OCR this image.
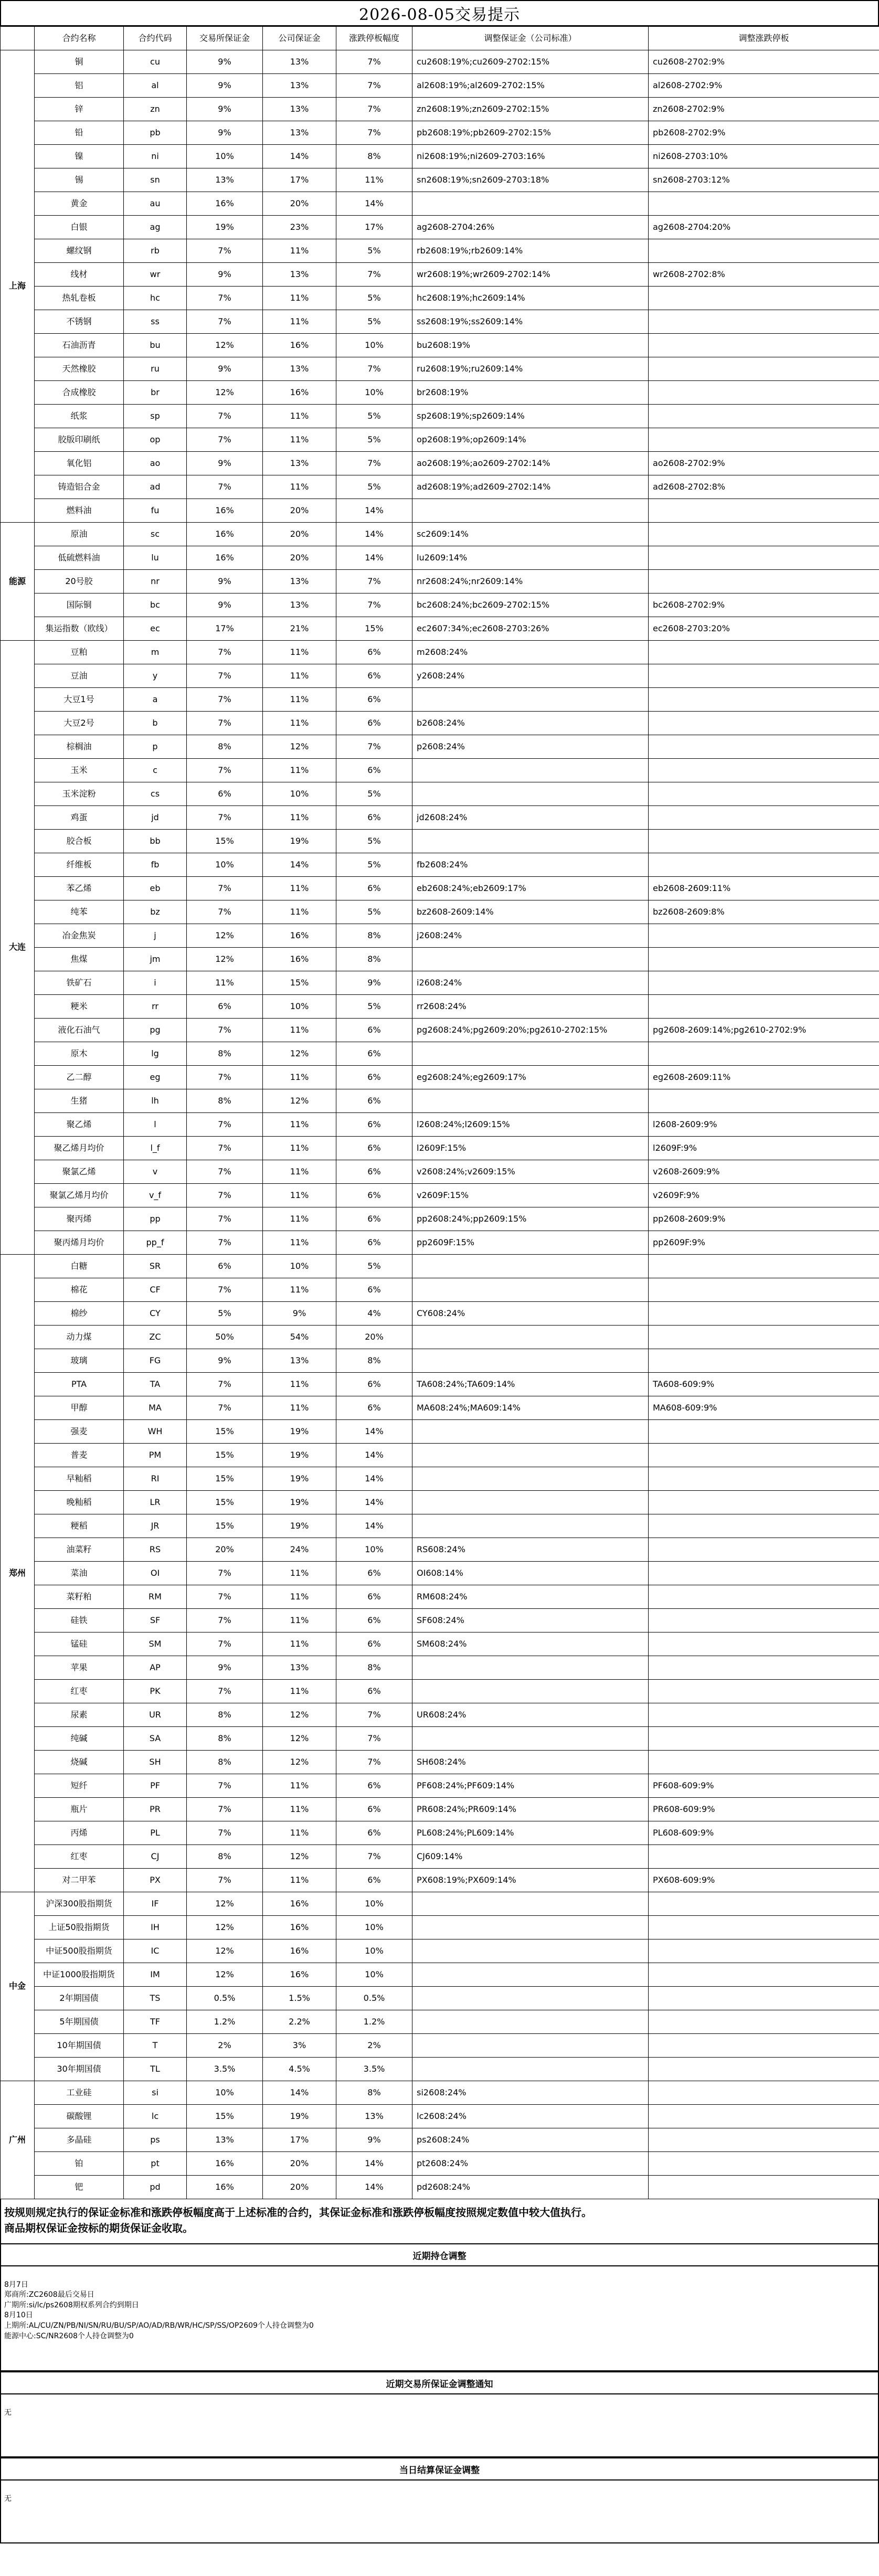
2026-08-05交易提示
	合约名称	合约代码	交易所保证金	公司保证金	涨跌停板幅度	调整保证金（公司标准）	调整涨跌停板
上海	铜	cu	9%	13%	7%	cu2608:19%;cu2609-2702:15%	cu2608-2702:9%
	铝	al	9%	13%	7%	al2608:19%;al2609-2702:15%	al2608-2702:9%
	锌	zn	9%	13%	7%	zn2608:19%;zn2609-2702:15%	zn2608-2702:9%
	铅	pb	9%	13%	7%	pb2608:19%;pb2609-2702:15%	pb2608-2702:9%
	镍	ni	10%	14%	8%	ni2608:19%;ni2609-2703:16%	ni2608-2703:10%
	锡	sn	13%	17%	11%	sn2608:19%;sn2609-2703:18%	sn2608-2703:12%
	黄金	au	16%	20%	14%		
	白银	ag	19%	23%	17%	ag2608-2704:26%	ag2608-2704:20%
	螺纹钢	rb	7%	11%	5%	rb2608:19%;rb2609:14%	
	线材	wr	9%	13%	7%	wr2608:19%;wr2609-2702:14%	wr2608-2702:8%
	热轧卷板	hc	7%	11%	5%	hc2608:19%;hc2609:14%	
	不锈钢	ss	7%	11%	5%	ss2608:19%;ss2609:14%	
	石油沥青	bu	12%	16%	10%	bu2608:19%	
	天然橡胶	ru	9%	13%	7%	ru2608:19%;ru2609:14%	
	合成橡胶	br	12%	16%	10%	br2608:19%	
	纸浆	sp	7%	11%	5%	sp2608:19%;sp2609:14%	
	胶版印刷纸	op	7%	11%	5%	op2608:19%;op2609:14%	
	氧化铝	ao	9%	13%	7%	ao2608:19%;ao2609-2702:14%	ao2608-2702:9%
	铸造铝合金	ad	7%	11%	5%	ad2608:19%;ad2609-2702:14%	ad2608-2702:8%
	燃料油	fu	16%	20%	14%		
能源	原油	sc	16%	20%	14%	sc2609:14%	
	低硫燃料油	lu	16%	20%	14%	lu2609:14%	
	20号胶	nr	9%	13%	7%	nr2608:24%;nr2609:14%	
	国际铜	bc	9%	13%	7%	bc2608:24%;bc2609-2702:15%	bc2608-2702:9%
	集运指数（欧线）	ec	17%	21%	15%	ec2607:34%;ec2608-2703:26%	ec2608-2703:20%
大连	豆粕	m	7%	11%	6%	m2608:24%	
	豆油	y	7%	11%	6%	y2608:24%	
	大豆1号	a	7%	11%	6%		
	大豆2号	b	7%	11%	6%	b2608:24%	
	棕榈油	p	8%	12%	7%	p2608:24%	
	玉米	c	7%	11%	6%		
	玉米淀粉	cs	6%	10%	5%		
	鸡蛋	jd	7%	11%	6%	jd2608:24%	
	胶合板	bb	15%	19%	5%		
	纤维板	fb	10%	14%	5%	fb2608:24%	
	苯乙烯	eb	7%	11%	6%	eb2608:24%;eb2609:17%	eb2608-2609:11%
	纯苯	bz	7%	11%	5%	bz2608-2609:14%	bz2608-2609:8%
	冶金焦炭	j	12%	16%	8%	j2608:24%	
	焦煤	jm	12%	16%	8%		
	铁矿石	i	11%	15%	9%	i2608:24%	
	粳米	rr	6%	10%	5%	rr2608:24%	
	液化石油气	pg	7%	11%	6%	pg2608:24%;pg2609:20%;pg2610-2702:15%	pg2608-2609:14%;pg2610-2702:9%
	原木	lg	8%	12%	6%		
	乙二醇	eg	7%	11%	6%	eg2608:24%;eg2609:17%	eg2608-2609:11%
	生猪	lh	8%	12%	6%		
	聚乙烯	l	7%	11%	6%	l2608:24%;l2609:15%	l2608-2609:9%
	聚乙烯月均价	l_f	7%	11%	6%	l2609F:15%	l2609F:9%
	聚氯乙烯	v	7%	11%	6%	v2608:24%;v2609:15%	v2608-2609:9%
	聚氯乙烯月均价	v_f	7%	11%	6%	v2609F:15%	v2609F:9%
	聚丙烯	pp	7%	11%	6%	pp2608:24%;pp2609:15%	pp2608-2609:9%
	聚丙烯月均价	pp_f	7%	11%	6%	pp2609F:15%	pp2609F:9%
郑州	白糖	SR	6%	10%	5%		
	棉花	CF	7%	11%	6%		
	棉纱	CY	5%	9%	4%	CY608:24%	
	动力煤	ZC	50%	54%	20%		
	玻璃	FG	9%	13%	8%		
	PTA	TA	7%	11%	6%	TA608:24%;TA609:14%	TA608-609:9%
	甲醇	MA	7%	11%	6%	MA608:24%;MA609:14%	MA608-609:9%
	强麦	WH	15%	19%	14%		
	普麦	PM	15%	19%	14%		
	早籼稻	RI	15%	19%	14%		
	晚籼稻	LR	15%	19%	14%		
	粳稻	JR	15%	19%	14%		
	油菜籽	RS	20%	24%	10%	RS608:24%	
	菜油	OI	7%	11%	6%	OI608:14%	
	菜籽粕	RM	7%	11%	6%	RM608:24%	
	硅铁	SF	7%	11%	6%	SF608:24%	
	锰硅	SM	7%	11%	6%	SM608:24%	
	苹果	AP	9%	13%	8%		
	红枣	PK	7%	11%	6%		
	尿素	UR	8%	12%	7%	UR608:24%	
	纯碱	SA	8%	12%	7%		
	烧碱	SH	8%	12%	7%	SH608:24%	
	短纤	PF	7%	11%	6%	PF608:24%;PF609:14%	PF608-609:9%
	瓶片	PR	7%	11%	6%	PR608:24%;PR609:14%	PR608-609:9%
	丙烯	PL	7%	11%	6%	PL608:24%;PL609:14%	PL608-609:9%
	红枣	CJ	8%	12%	7%	CJ609:14%	
	对二甲苯	PX	7%	11%	6%	PX608:19%;PX609:14%	PX608-609:9%
中金	沪深300股指期货	IF	12%	16%	10%		
	上证50股指期货	IH	12%	16%	10%		
	中证500股指期货	IC	12%	16%	10%		
	中证1000股指期货	IM	12%	16%	10%		
	2年期国债	TS	0.5%	1.5%	0.5%		
	5年期国债	TF	1.2%	2.2%	1.2%		
	10年期国债	T	2%	3%	2%		
	30年期国债	TL	3.5%	4.5%	3.5%		
广州	工业硅	si	10%	14%	8%	si2608:24%	
	碳酸锂	lc	15%	19%	13%	lc2608:24%	
	多晶硅	ps	13%	17%	9%	ps2608:24%	
	铂	pt	16%	20%	14%	pt2608:24%	
	钯	pd	16%	20%	14%	pd2608:24%	
按规则规定执行的保证金标准和涨跌停板幅度高于上述标准的合约，其保证金标准和涨跌停板幅度按照规定数值中较大值执行。
商品期权保证金按标的期货保证金收取。
近期持仓调整

8月7日
郑商所:ZC2608最后交易日
广期所:si/lc/ps2608期权系列合约到期日
8月10日
上期所:AL/CU/ZN/PB/NI/SN/RU/BU/SP/AO/AD/RB/WR/HC/SP/SS/OP2609个人持仓调整为0
能源中心:SC/NR2608个人持仓调整为0
近期交易所保证金调整通知

无
当日结算保证金调整

无
